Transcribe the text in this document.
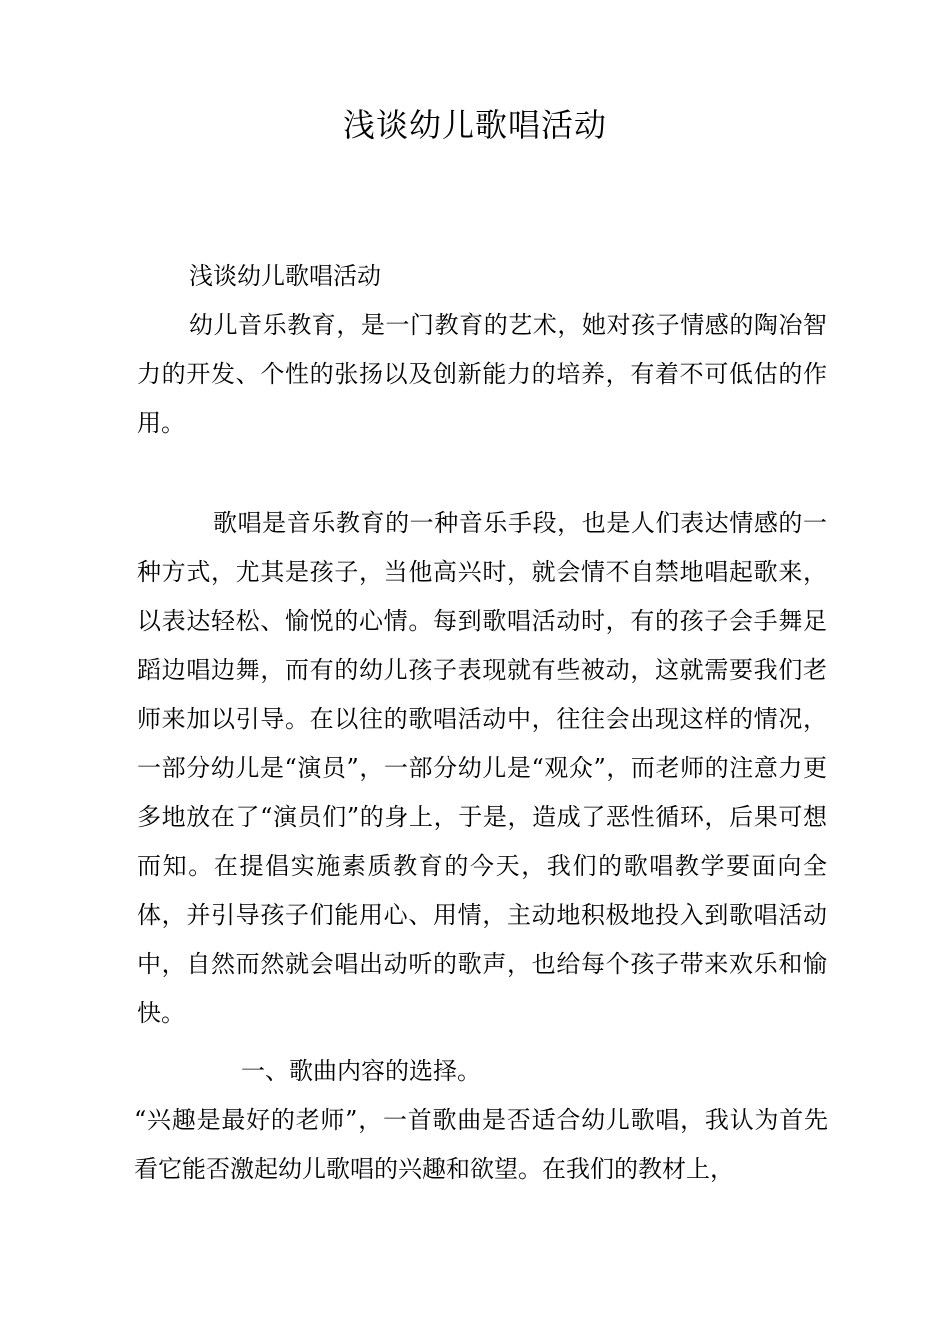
浅谈幼儿歌唱活动

浅谈幼儿歌唱活动

幼儿音乐教育，是一门教育的艺术，她对孩子情感的陶冶智力的开发、个性的张扬以及创新能力的培养，有着不可低估的作用。

歌唱是音乐教育的一种音乐手段，也是人们表达情感的一种方式，尤其是孩子，当他高兴时，就会情不自禁地唱起歌来，以表达轻松、愉悦的心情。每到歌唱活动时，有的孩子会手舞足蹈边唱边舞，而有的幼儿孩子表现就有些被动，这就需要我们老师来加以引导。在以往的歌唱活动中，往往会出现这样的情况，一部分幼儿是“演员”，一部分幼儿是“观众”，而老师的注意力更多地放在了“演员们”的身上，于是，造成了恶性循环，后果可想而知。在提倡实施素质教育的今天，我们的歌唱教学要面向全体，并引导孩子们能用心、用情，主动地积极地投入到歌唱活动中，自然而然就会唱出动听的歌声，也给每个孩子带来欢乐和愉快。

一、歌曲内容的选择。

“兴趣是最好的老师”，一首歌曲是否适合幼儿歌唱，我认为首先看它能否激起幼儿歌唱的兴趣和欲望。在我们的教材上，
